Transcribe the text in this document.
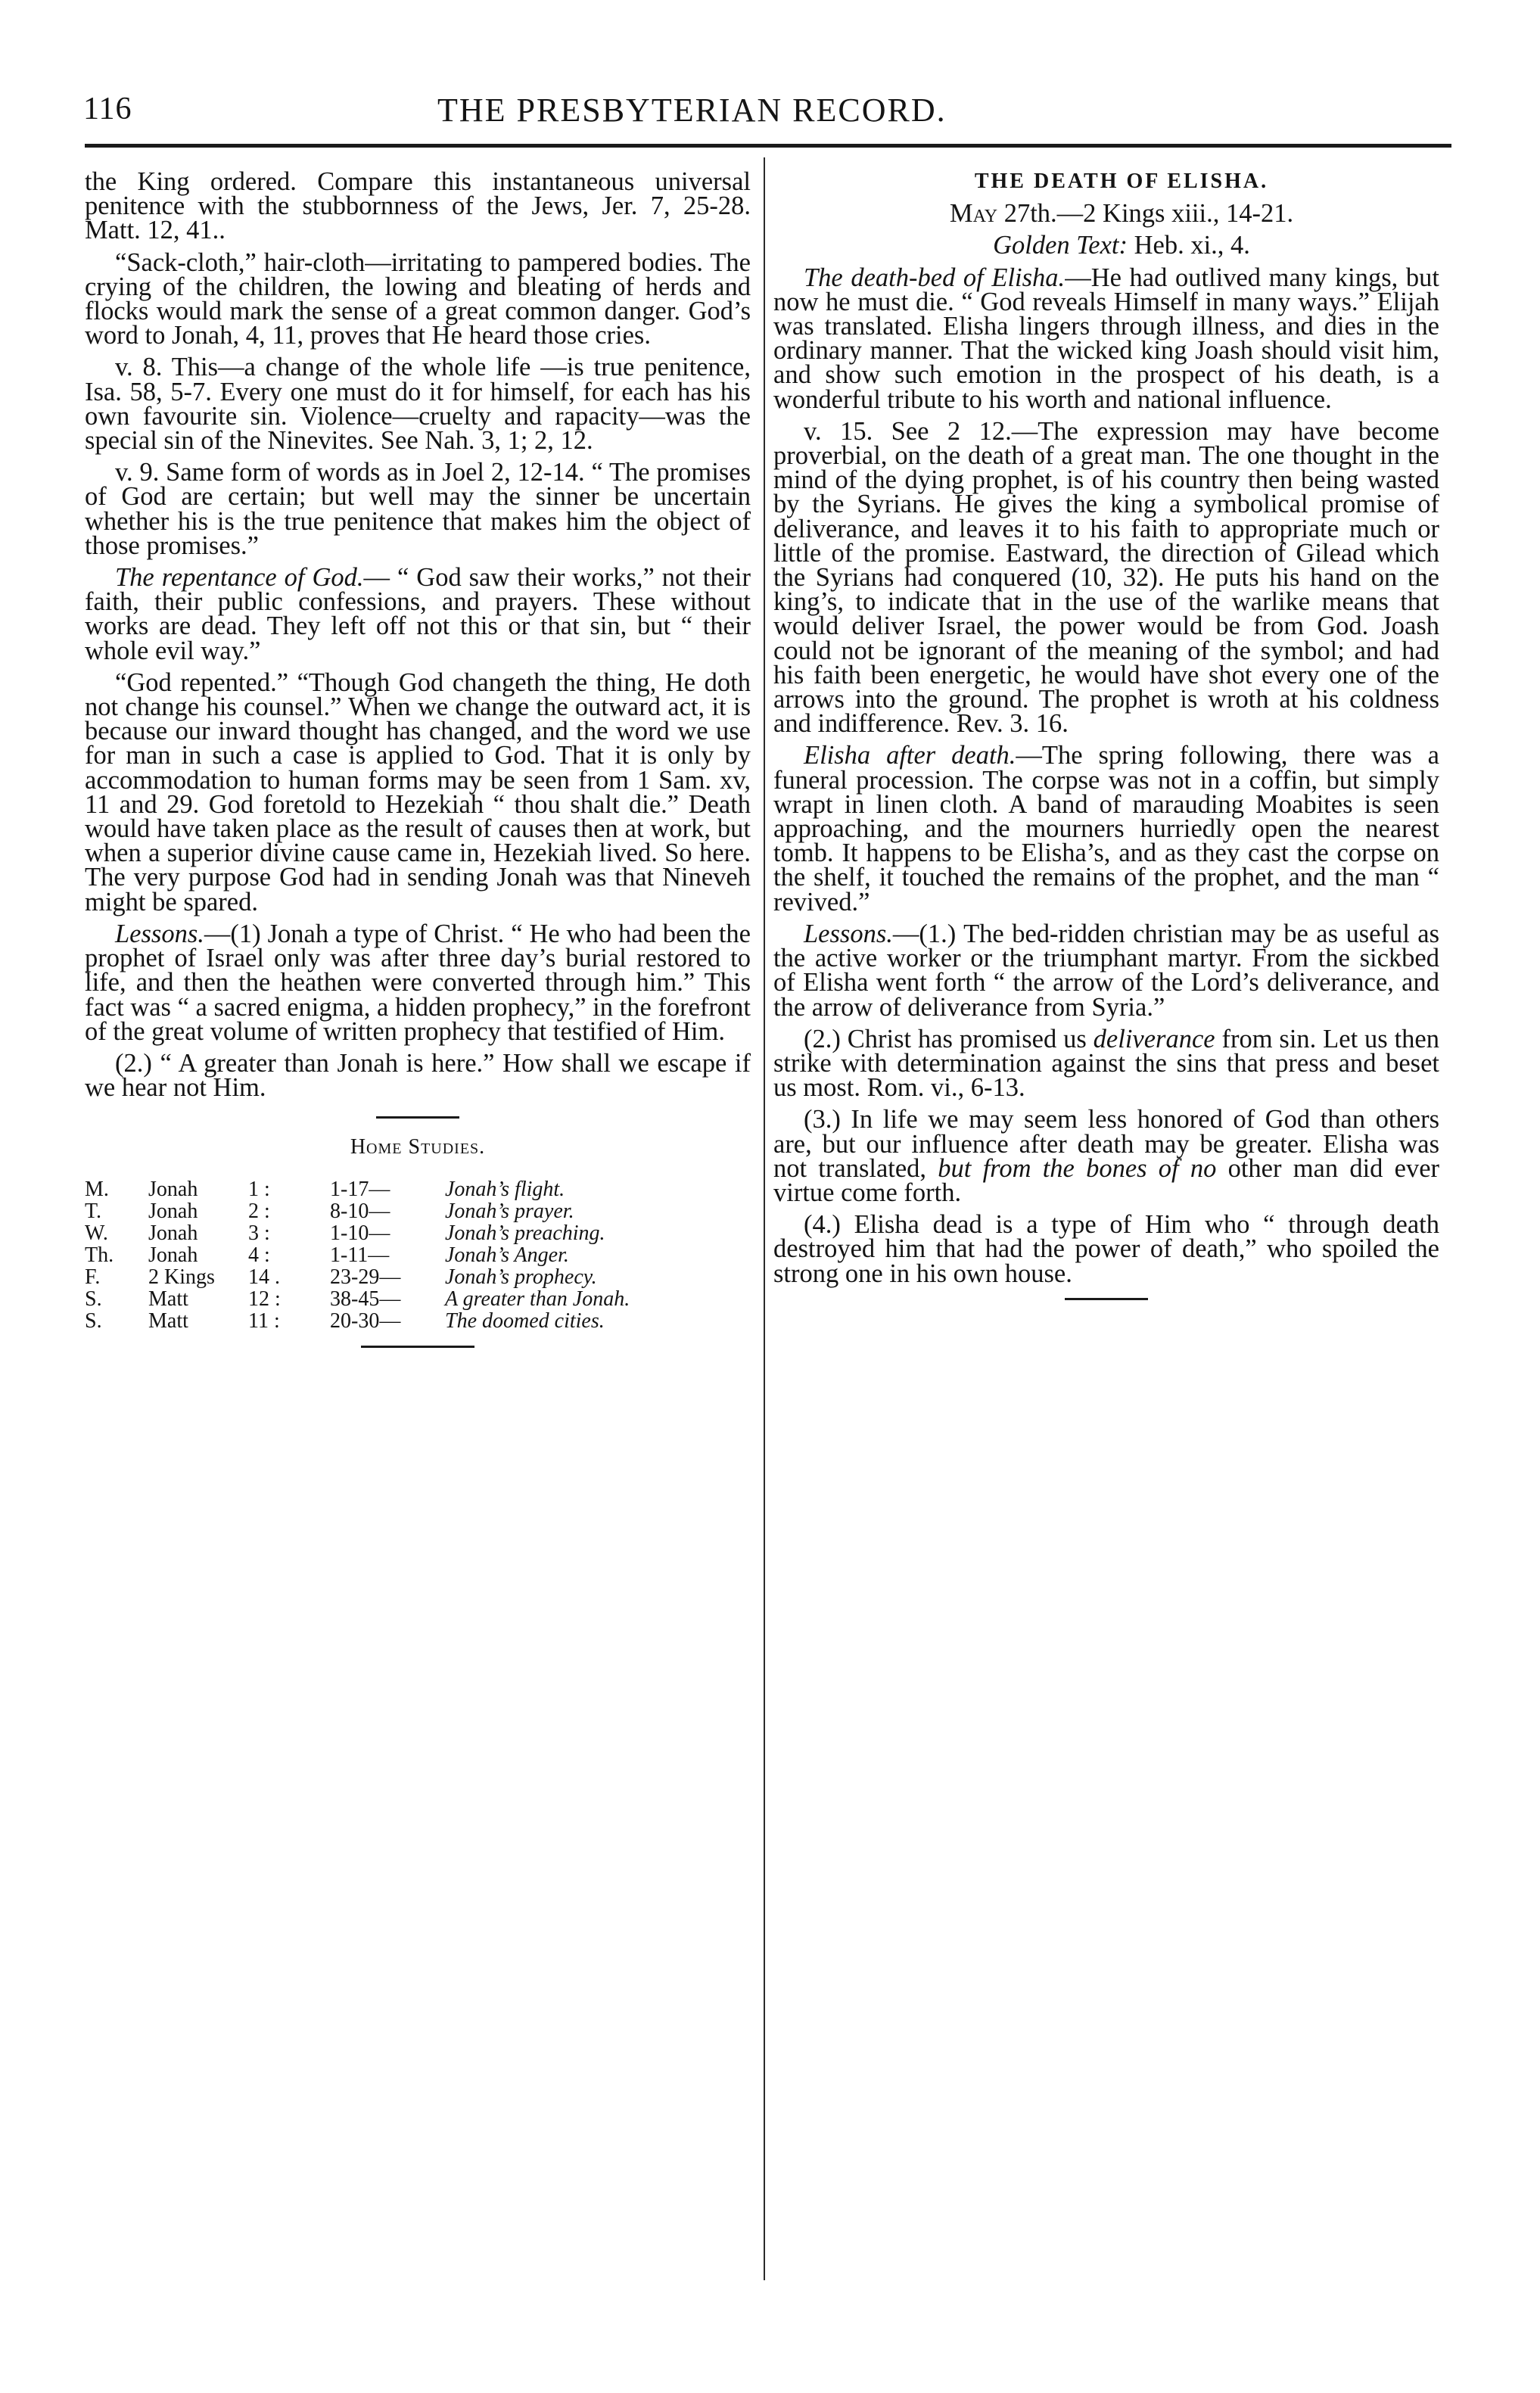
116	THE PRESBYTERIAN RECORD.

the King ordered. Compare this instantaneous universal penitence with the stubbornness of the Jews, Jer. 7, 25-28. Matt. 12, 41..

“Sack-cloth,” hair-cloth—irritating to pampered bodies. The crying of the children, the lowing and bleating of herds and flocks would mark the sense of a great common danger. God’s word to Jonah, 4, 11, proves that He heard those cries.

v. 8. This—a change of the whole life —is true penitence, Isa. 58, 5-7. Every one must do it for himself, for each has his own favourite sin. Violence—cruelty and rapacity—was the special sin of the Ninevites. See Nah. 3, 1; 2, 12.

v. 9. Same form of words as in Joel 2, 12-14. “ The promises of God are certain; but well may the sinner be uncertain whether his is the true penitence that makes him the object of those promises.”

The repentance of God.— “ God saw their works,” not their faith, their public confessions, and prayers. These without works are dead. They left off not this or that sin, but “ their whole evil way.”

“God repented.” “Though God changeth the thing, He doth not change his counsel.” When we change the outward act, it is because our inward thought has changed, and the word we use for man in such a case is applied to God. That it is only by accommodation to human forms may be seen from 1 Sam. xv, 11 and 29. God foretold to Hezekiah “ thou shalt die.” Death would have taken place as the result of causes then at work, but when a superior divine cause came in, Hezekiah lived. So here. The very purpose God had in sending Jonah was that Nineveh might be spared.

Lessons.—(1) Jonah a type of Christ. “ He who had been the prophet of Israel only was after three day’s burial restored to life, and then the heathen were converted through him.” This fact was “ a sacred enigma, a hidden prophecy,” in the forefront of the great volume of written prophecy that testified of Him.

(2.) “ A greater than Jonah is here.” How shall we escape if we hear not Him.

Home Studies.
M.	Jonah	1 :	1-17—	Jonah’s flight.
T.	Jonah	2 :	8-10—	Jonah’s prayer.
W.	Jonah	3 :	1-10—	Jonah’s preaching.
Th.	Jonah	4 :	1-11—	Jonah’s Anger.
F.	2 Kings	14 .	23-29—	Jonah’s prophecy.
S.	Matt	12 :	38-45—	A greater than Jonah.
S.	Matt	11 :	20-30—	The doomed cities.

THE DEATH OF ELISHA.

May 27th.—2 Kings xiii., 14-21.

Golden Text: Heb. xi., 4.

The death-bed of Elisha.—He had outlived many kings, but now he must die. “ God reveals Himself in many ways.” Elijah was translated. Elisha lingers through illness, and dies in the ordinary manner. That the wicked king Joash should visit him, and show such emotion in the prospect of his death, is a wonderful tribute to his worth and national influence.

v. 15. See 2 12.—The expression may have become proverbial, on the death of a great man. The one thought in the mind of the dying prophet, is of his country then being wasted by the Syrians. He gives the king a symbolical promise of deliverance, and leaves it to his faith to appropriate much or little of the promise. Eastward, the direction of Gilead which the Syrians had conquered (10, 32). He puts his hand on the king’s, to indicate that in the use of the warlike means that would deliver Israel, the power would be from God. Joash could not be ignorant of the meaning of the symbol; and had his faith been energetic, he would have shot every one of the arrows into the ground. The prophet is wroth at his coldness and indifference. Rev. 3. 16.

Elisha after death.—The spring following, there was a funeral procession. The corpse was not in a coffin, but simply wrapt in linen cloth. A band of marauding Moabites is seen approaching, and the mourners hurriedly open the nearest tomb. It happens to be Elisha’s, and as they cast the corpse on the shelf, it touched the remains of the prophet, and the man “ revived.”

Lessons.—(1.) The bed-ridden christian may be as useful as the active worker or the triumphant martyr. From the sickbed of Elisha went forth “ the arrow of the Lord’s deliverance, and the arrow of deliverance from Syria.”

(2.) Christ has promised us deliverance from sin. Let us then strike with determination against the sins that press and beset us most. Rom. vi., 6-13.

(3.) In life we may seem less honored of God than others are, but our influence after death may be greater. Elisha was not translated, but from the bones of no other man did ever virtue come forth.

(4.) Elisha dead is a type of Him who “ through death destroyed him that had the power of death,” who spoiled the strong one in his own house.
